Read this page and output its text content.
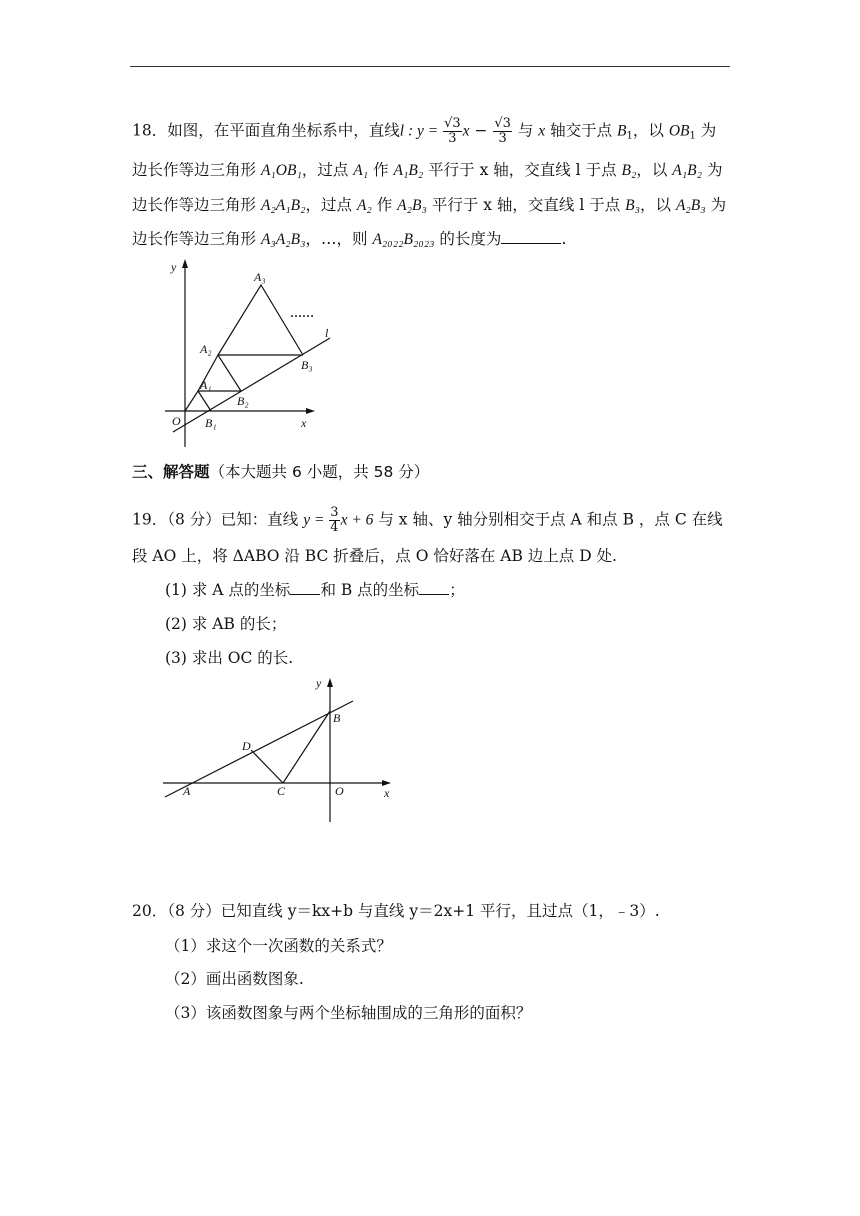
18．如图，在平面直角坐标系中，直线l : $y = \frac{√3}{3}$ $x - \frac{√3}{3}$ 与 x 轴交于点 $B_1$，以 $OB_1$ 为
边长作等边三角形 A₁OB₁，过点 A₁ 作 A₁B₂ 平行于 x 轴，交直线 l 于点 B₂，以 A₁B₂ 为
边长作等边三角形 A₂A₁B₂，过点 A₂ 作 A₂B₃ 平行于 x 轴，交直线 l 于点 B₃，以 A₂B₃ 为
边长作等边三角形 A₃A₂B₃，…，则 A₂₀₂₂B₂₀₂₃ 的长度为	.
y
x
O
l
……
A₁
A₂
A₃
B₁
B₂
B₃
三、解答题（本大题共 6 小题，共 58 分）
19．（8 分）已知：直线 $y = \frac{3}{4}$ x + 6 与 x 轴、y 轴分别相交于点 A 和点 B ，点 C 在线
段 AO 上，将 ΔABO 沿 BC 折叠后，点 O 恰好落在 AB 边上点 D 处.
(1) 求 A 点的坐标 和 B 点的坐标 ；
(2) 求 AB 的长；
(3) 求出 OC 的长.
y
x
A
B
C
D
O
20．（8 分）已知直线 y＝kx+b 与直线 y＝2x+1 平行，且过点（1，﹣3）.
（1）求这个一次函数的关系式？
（2）画出函数图象.
（3）该函数图象与两个坐标轴围成的三角形的面积？
